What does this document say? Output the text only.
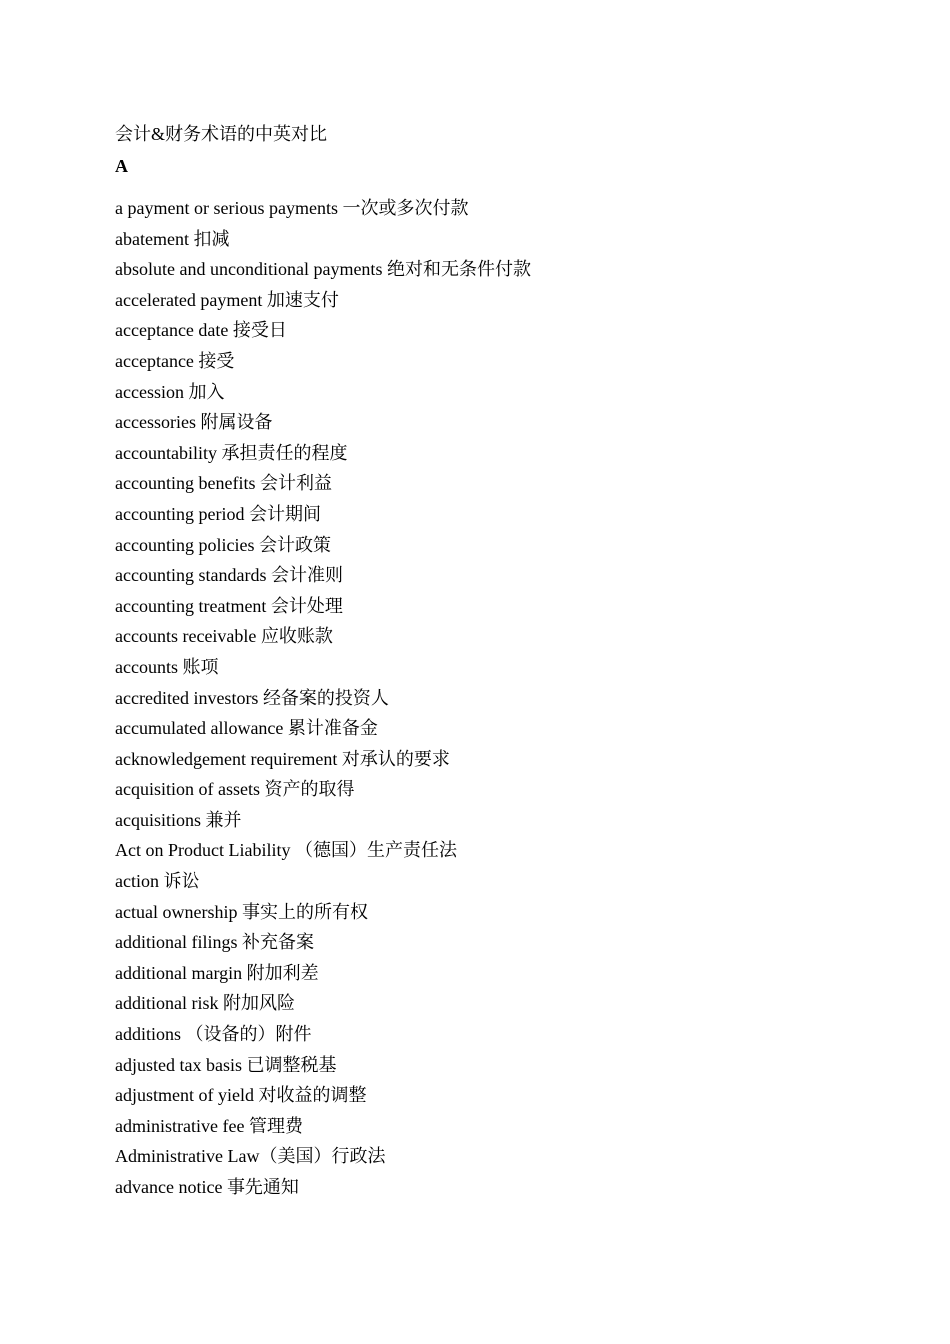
会计&财务术语的中英对比
A
a payment or serious payments 一次或多次付款
abatement 扣减
absolute and unconditional payments 绝对和无条件付款
accelerated payment 加速支付
acceptance date 接受日
acceptance 接受
accession 加入
accessories 附属设备
accountability 承担责任的程度
accounting benefits 会计利益
accounting period 会计期间
accounting policies 会计政策
accounting standards 会计准则
accounting treatment 会计处理
accounts receivable 应收账款
accounts 账项
accredited investors 经备案的投资人
accumulated allowance 累计准备金
acknowledgement requirement 对承认的要求
acquisition of assets 资产的取得
acquisitions 兼并
Act on Product Liability （德国）生产责任法
action 诉讼
actual ownership 事实上的所有权
additional filings 补充备案
additional margin 附加利差
additional risk 附加风险
additions （设备的）附件
adjusted tax basis 已调整税基
adjustment of yield 对收益的调整
administrative fee 管理费
Administrative Law（美国）行政法
advance notice 事先通知
